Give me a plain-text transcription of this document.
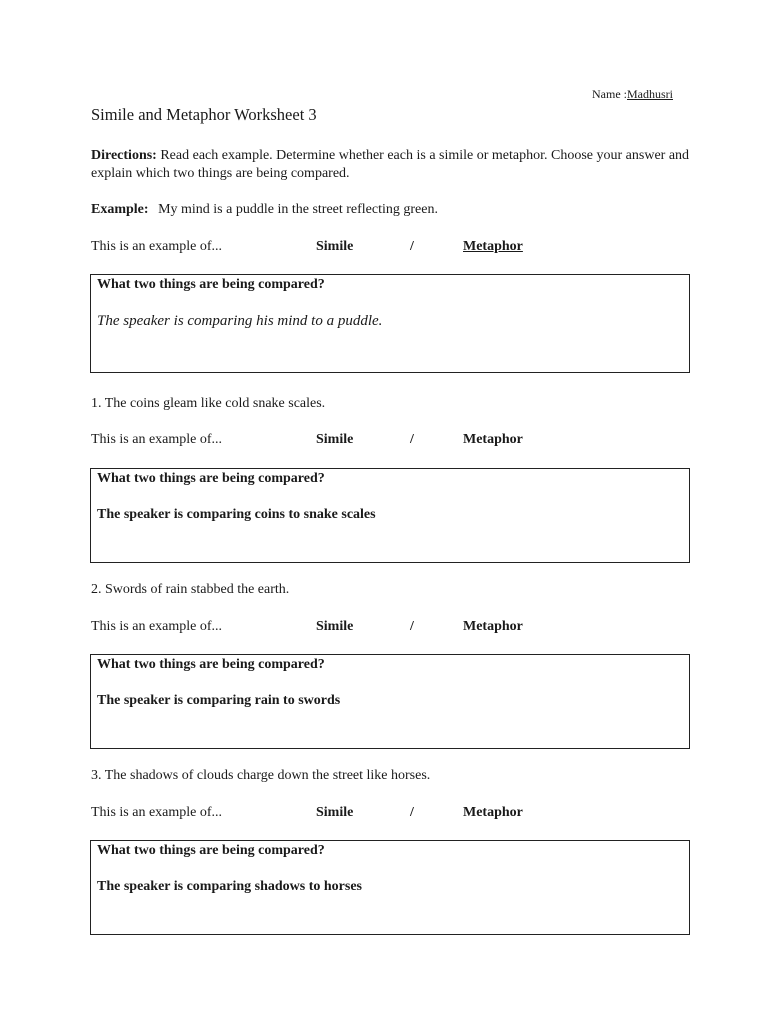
Name :Madhusri
Simile and Metaphor Worksheet 3
Directions: Read each example. Determine whether each is a simile or metaphor. Choose your answer and explain which two things are being compared.
Example: My mind is a puddle in the street reflecting green.
This is an example of...	Simile	/	Metaphor
What two things are being compared?
The speaker is comparing his mind to a puddle.
1. The coins gleam like cold snake scales.
This is an example of...	Simile	/	Metaphor
What two things are being compared?
The speaker is comparing coins to snake scales
2. Swords of rain stabbed the earth.
This is an example of...	Simile	/	Metaphor
What two things are being compared?
The speaker is comparing rain to swords
3. The shadows of clouds charge down the street like horses.
This is an example of...	Simile	/	Metaphor
What two things are being compared?
The speaker is comparing shadows to horses
